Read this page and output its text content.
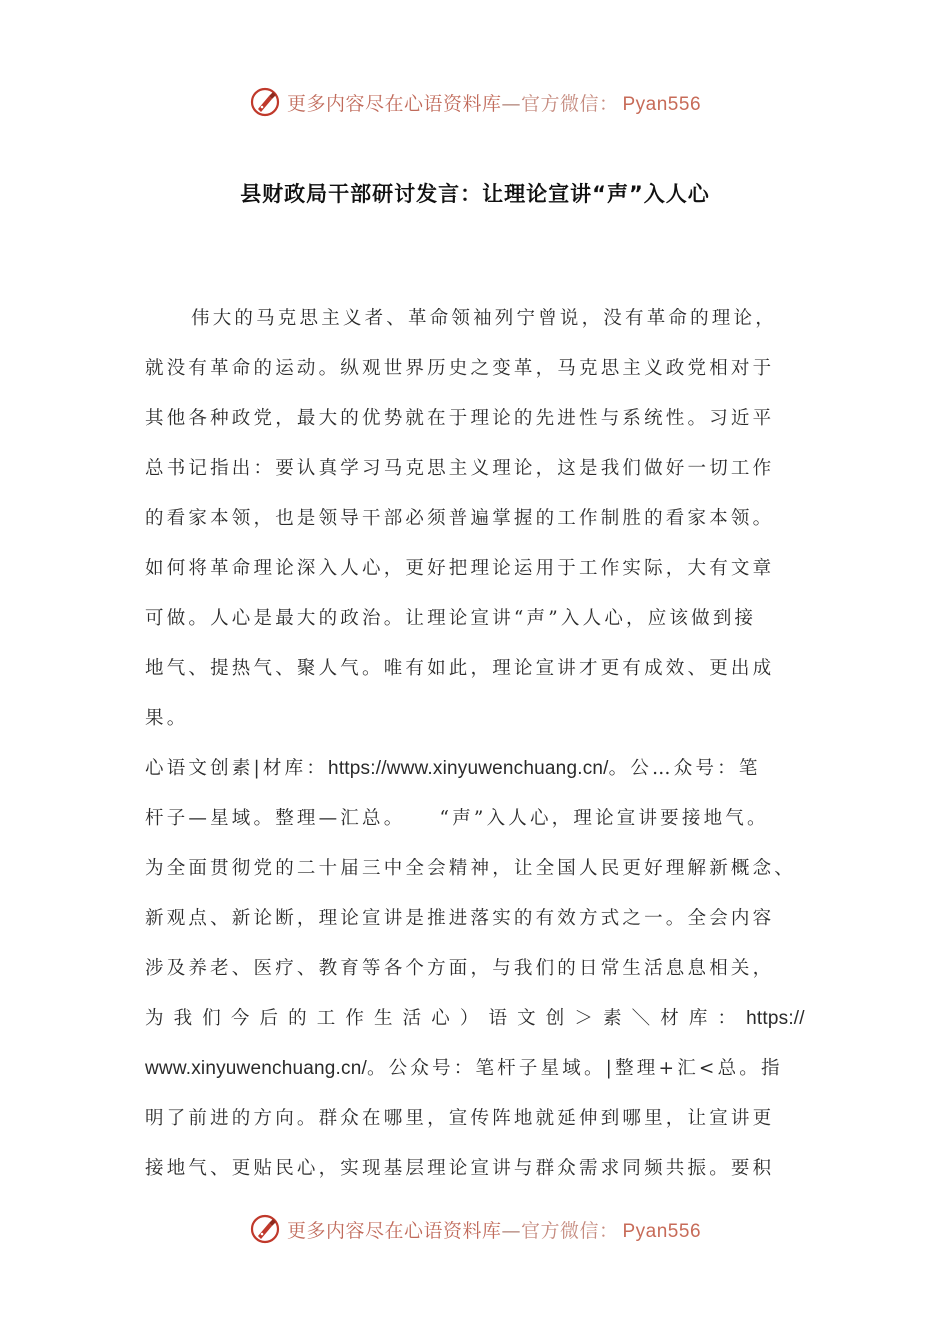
更多内容尽在心语资料库—官方微信： Pyan556
县财政局干部研讨发言：让理论宣讲“声”入人心
伟大的马克思主义者、革命领袖列宁曾说，没有革命的理论，
就没有革命的运动。纵观世界历史之变革，马克思主义政党相对于
其他各种政党，最大的优势就在于理论的先进性与系统性。习近平
总书记指出：要认真学习马克思主义理论，这是我们做好一切工作
的看家本领，也是领导干部必须普遍掌握的工作制胜的看家本领。
如何将革命理论深入人心，更好把理论运用于工作实际，大有文章
可做。人心是最大的政治。让理论宣讲“声”入人心，应该做到接
地气、提热气、聚人气。唯有如此，理论宣讲才更有成效、更出成
果。
心语文创素|材库：https://www.xinyuwenchuang.cn/。公…众号：笔
杆子—星域。整理—汇总。　　“声”入人心，理论宣讲要接地气。
为全面贯彻党的二十届三中全会精神，让全国人民更好理解新概念、
新观点、新论断，理论宣讲是推进落实的有效方式之一。全会内容
涉及养老、医疗、教育等各个方面，与我们的日常生活息息相关，
为 我 们 今 后 的 工 作 生 活 心 ） 语 文 创 ＞ 素 ＼ 材 库 ： https://
www.xinyuwenchuang.cn/。公众号：笔杆子星域。|整理+汇<总。指
明了前进的方向。群众在哪里，宣传阵地就延伸到哪里，让宣讲更
接地气、更贴民心，实现基层理论宣讲与群众需求同频共振。要积
更多内容尽在心语资料库—官方微信： Pyan556
